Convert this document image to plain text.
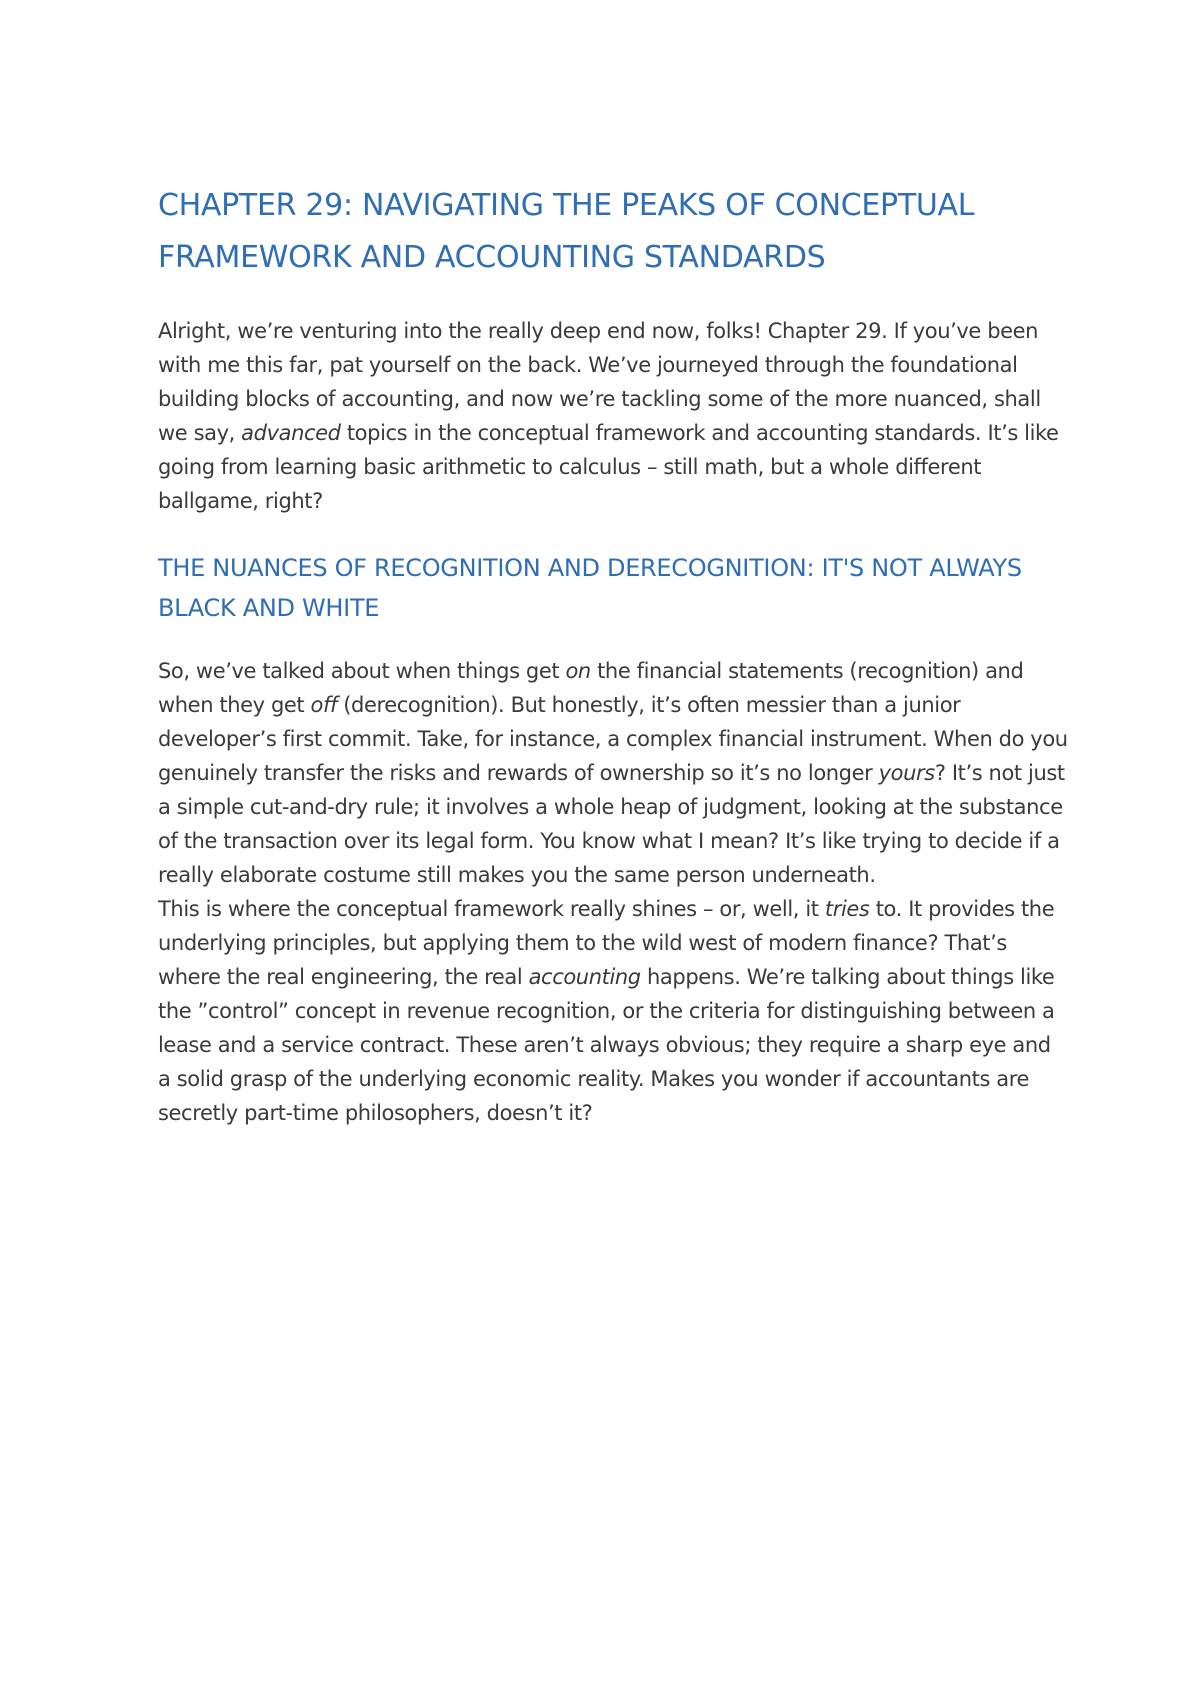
CHAPTER 29: NAVIGATING THE PEAKS OF CONCEPTUAL FRAMEWORK AND ACCOUNTING STANDARDS

Alright, we’re venturing into the really deep end now, folks! Chapter 29. If you’ve been with me this far, pat yourself on the back. We’ve journeyed through the foundational building blocks of accounting, and now we’re tackling some of the more nuanced, shall we say, advanced topics in the conceptual framework and accounting standards. It’s like going from learning basic arithmetic to calculus – still math, but a whole different ballgame, right?

THE NUANCES OF RECOGNITION AND DERECOGNITION: IT'S NOT ALWAYS BLACK AND WHITE

So, we’ve talked about when things get on the financial statements (recognition) and when they get off (derecognition). But honestly, it’s often messier than a junior developer’s first commit. Take, for instance, a complex financial instrument. When do you genuinely transfer the risks and rewards of ownership so it’s no longer yours? It’s not just a simple cut-and-dry rule; it involves a whole heap of judgment, looking at the substance of the transaction over its legal form. You know what I mean? It’s like trying to decide if a really elaborate costume still makes you the same person underneath.

This is where the conceptual framework really shines – or, well, it tries to. It provides the underlying principles, but applying them to the wild west of modern finance? That’s where the real engineering, the real accounting happens. We’re talking about things like the ”control” concept in revenue recognition, or the criteria for distinguishing between a lease and a service contract. These aren’t always obvious; they require a sharp eye and a solid grasp of the underlying economic reality. Makes you wonder if accountants are secretly part-time philosophers, doesn’t it?
